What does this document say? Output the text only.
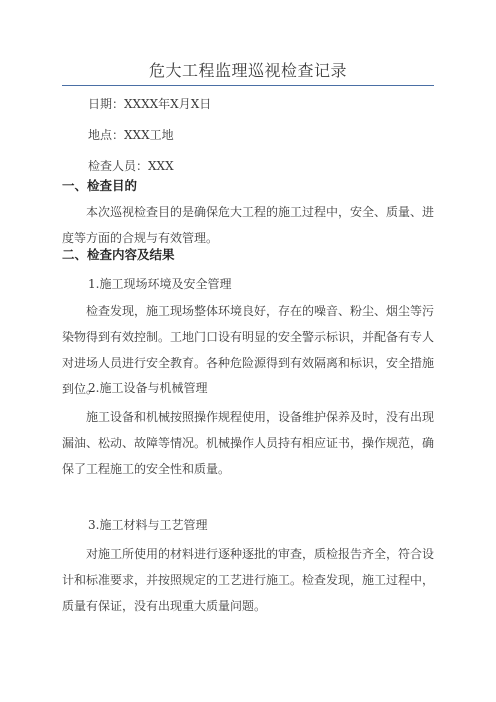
危大工程监理巡视检查记录
日期：XXXX年X月X日
地点：XXX工地
检查人员：XXX
一、检查目的

本次巡视检查目的是确保危大工程的施工过程中，安全、质量、进度等方面的合规与有效管理。

二、检查内容及结果
1.施工现场环境及安全管理

检查发现，施工现场整体环境良好，存在的噪音、粉尘、烟尘等污染物得到有效控制。工地门口设有明显的安全警示标识，并配备有专人对进场人员进行安全教育。各种危险源得到有效隔离和标识，安全措施到位。

2.施工设备与机械管理

施工设备和机械按照操作规程使用，设备维护保养及时，没有出现漏油、松动、故障等情况。机械操作人员持有相应证书，操作规范，确保了工程施工的安全性和质量。

3.施工材料与工艺管理

对施工所使用的材料进行逐种逐批的审查，质检报告齐全，符合设计和标准要求，并按照规定的工艺进行施工。检查发现，施工过程中，质量有保证，没有出现重大质量问题。
